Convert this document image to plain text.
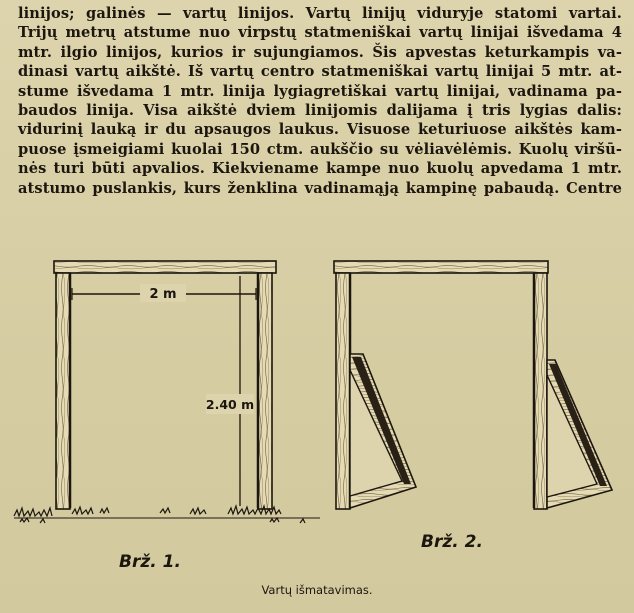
linijos; galinės — vartų linijos. Vartų linijų viduryje statomi vartai.
Trijų metrų atstume nuo virpstų statmeniškai vartų linijai išvedama 4
mtr. ilgio linijos, kurios ir sujungiamos. Šis apvestas keturkampis va-
dinasi vartų aikštė. Iš vartų centro statmeniškai vartų linijai 5 mtr. at-
stume išvedama 1 mtr. linija lygiagretiškai vartų linijai, vadinama pa-
baudos linija. Visa aikštė dviem linijomis dalijama į tris lygias dalis:
vidurinį lauką ir du apsaugos laukus. Visuose keturiuose aikštės kam-
puose įsmeigiami kuolai 150 ctm. aukščio su vėliavėlėmis. Kuolų viršū-
nės turi būti apvalios. Kiekviename kampe nuo kuolų apvedama 1 mtr.
atstumo puslankis, kurs ženklina vadinamąją kampinę pabaudą. Centre

2 m
2.40 m
Brž. 1.
Brž. 2.
Vartų išmatavimas.
